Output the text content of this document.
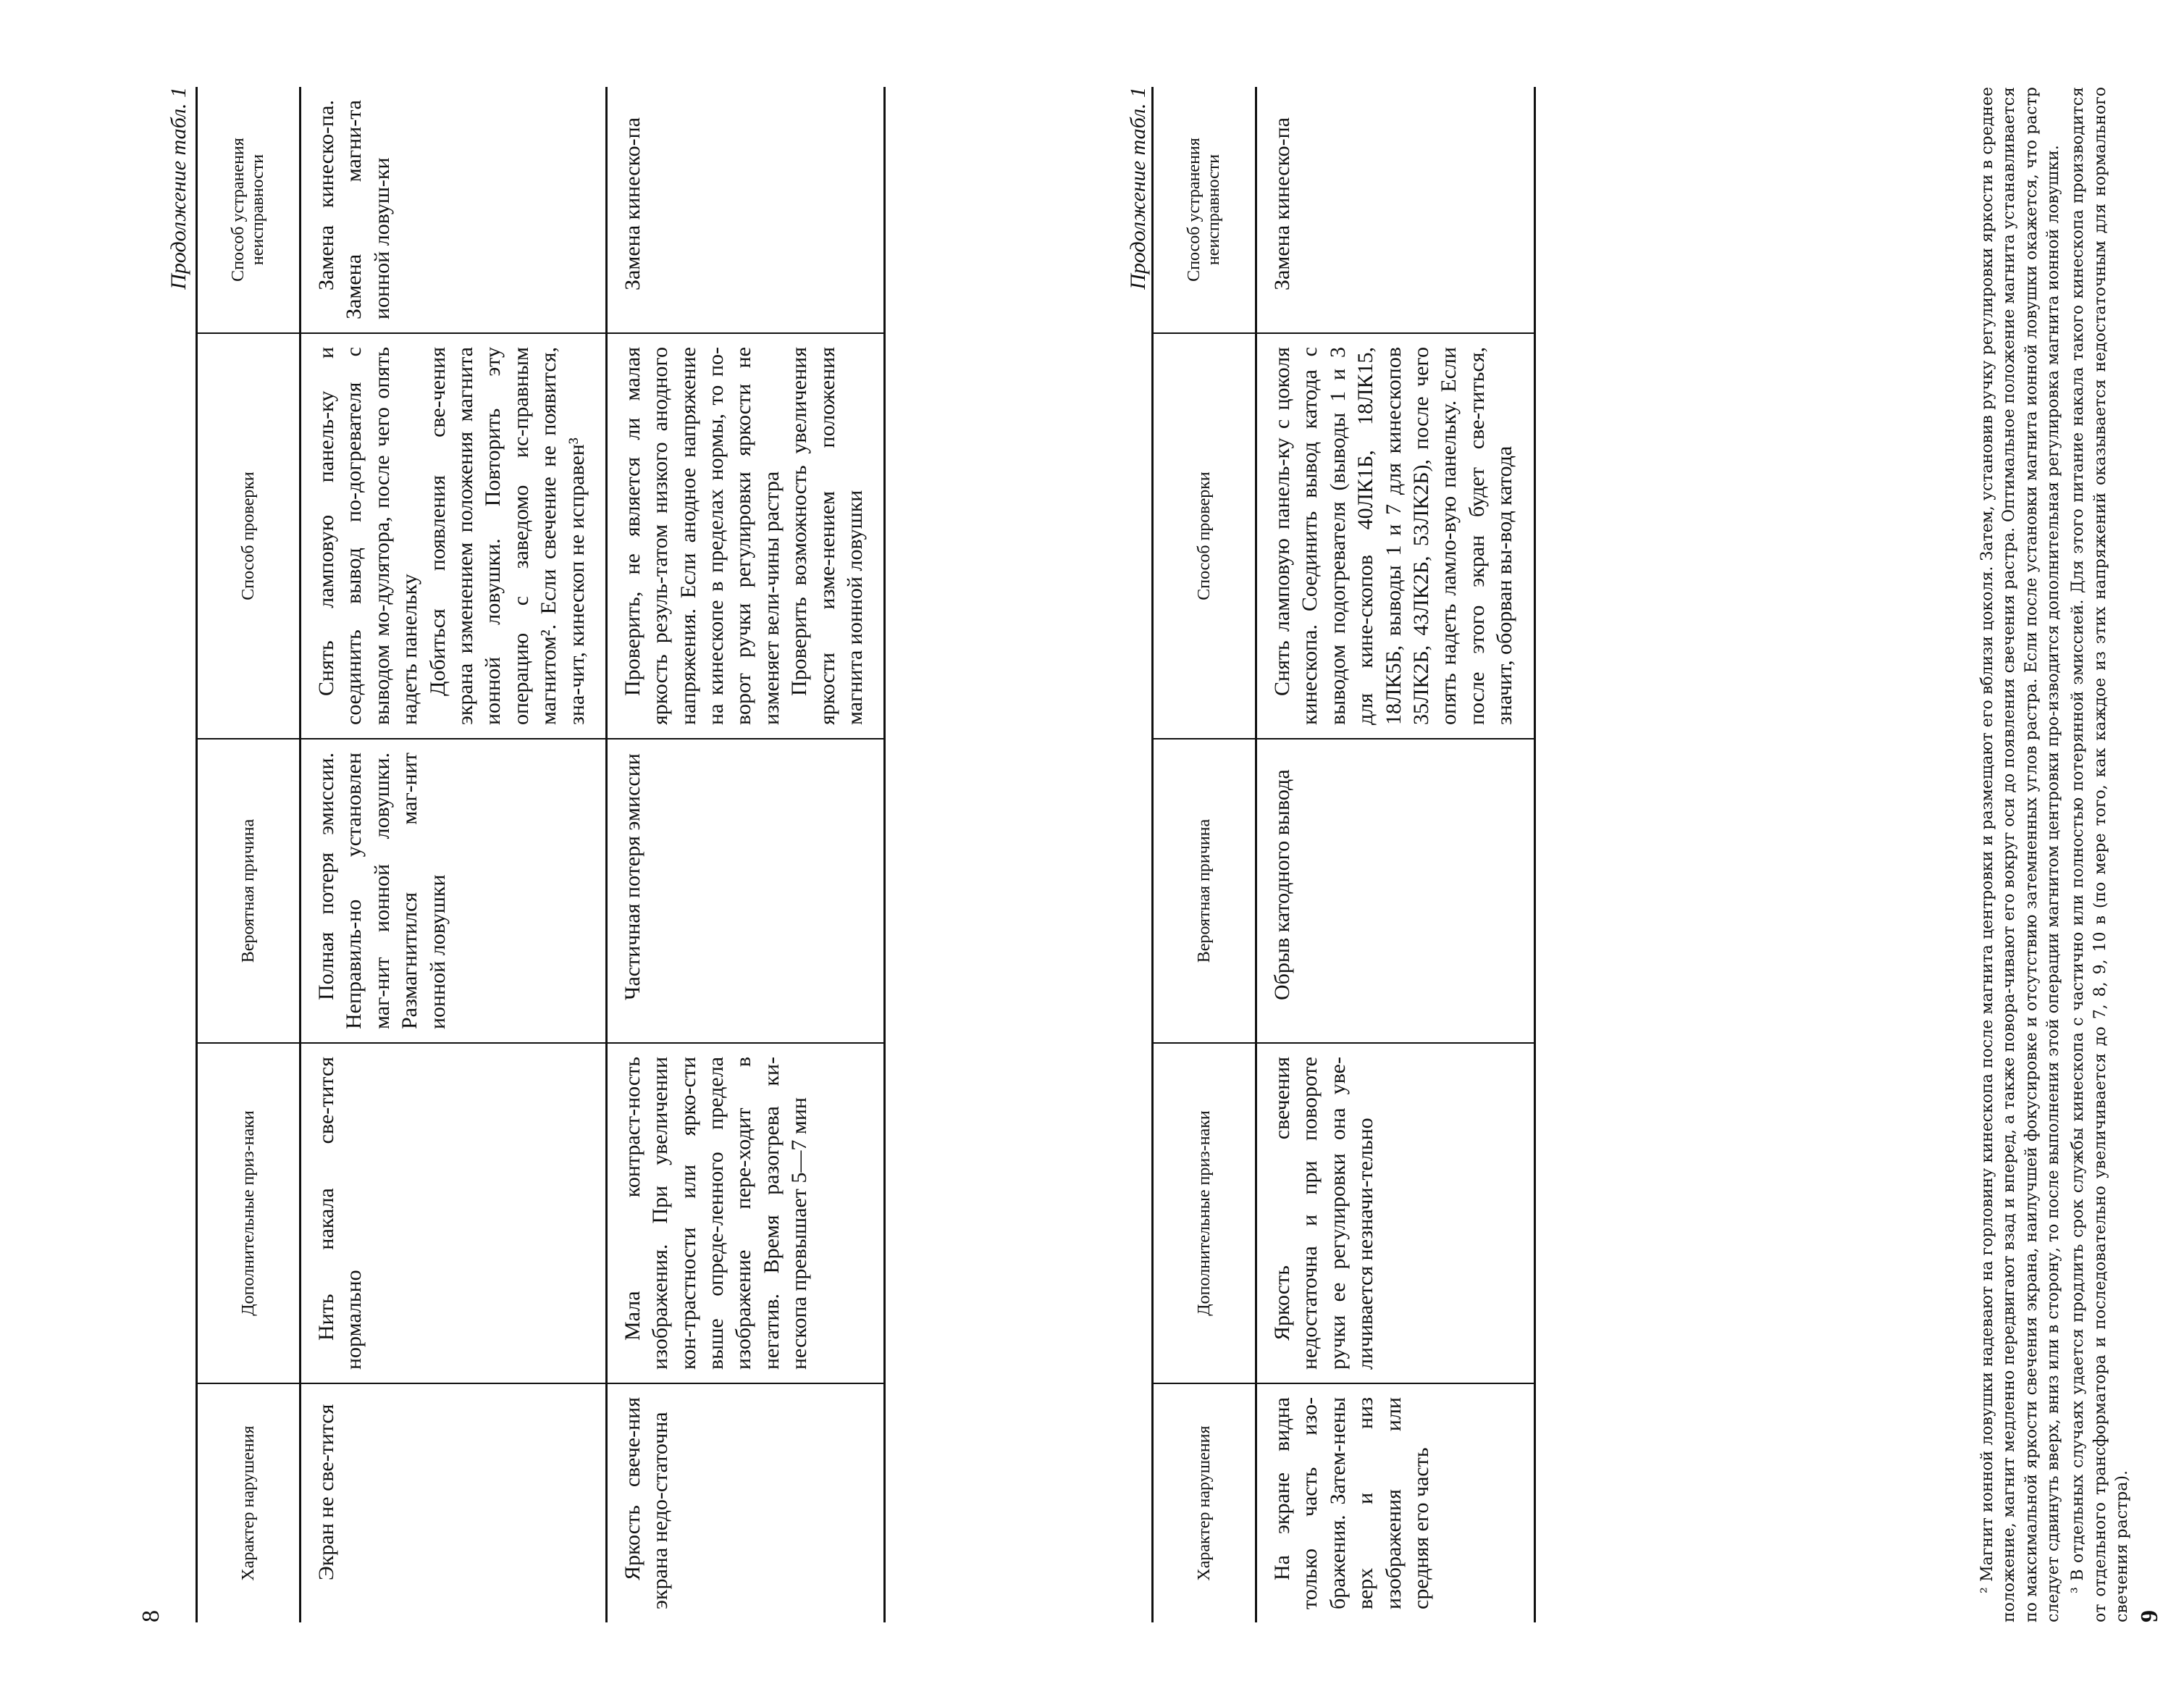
8
Продолжение табл. 1
Характер нарушения	Дополнительные приз-наки	Вероятная причина	Способ проверки	Способ устранения неисправности

Экран не све-тится	Нить накала све-тится нормально	Полная потеря эмиссии. Неправиль-но установлен маг-нит ионной ловушки. Размагнитился маг-нит ионной ловушки	Снять ламповую панель-ку и соединить вывод по-догревателя с выводом мо-дулятора, после чего опять надеть панельку Добиться появления све-чения экрана изменением положения магнита ионной ловушки. Повторить эту операцию с заведомо ис-правным магнитом². Если свечение не появится, зна-чит, кинескоп не исправен³	Замена кинеско-па. Замена магни-та ионной ловуш-ки

Яркость свече-ния экрана недо-статочна	Мала контраст-ность изображения. При увеличении кон-трастности или ярко-сти выше опреде-ленного предела изображение пере-ходит в негатив. Время разогрева ки-нескопа превышает 5—7 мин	Частичная потеря эмиссии	Проверить, не является ли малая яркость резуль-татом низкого анодного напряжения. Если анодное напряжение на кинескопе в пределах нормы, то по-ворот ручки регулировки яркости не изменяет вели-чины растра Проверить возможность увеличения яркости изме-нением положения магнита ионной ловушки	Замена кинеско-па
9
Продолжение табл. 1
Характер нарушения	Дополнительные приз-наки	Вероятная причина	Способ проверки	Способ устранения неисправности

На экране видна только часть изо-бражения. Затем-нены верх и низ изображения или средняя его часть	Яркость свечения недостаточна и при повороте ручки ее регулировки она уве-личивается незначи-тельно	Обрыв катодного вывода	Снять ламповую панель-ку с цоколя кинескопа. Соединить вывод катода с выводом подогревателя (выводы 1 и 3 для кине-скопов 40ЛК1Б, 18ЛК15, 18ЛК5Б, выводы 1 и 7 для кинескопов 35ЛК2Б, 43ЛК2Б, 53ЛК2Б), после чего опять надеть ламло-вую панельку. Если после этого экран будет све-титься, значит, оборван вы-вод катода	Замена кинеско-па	² Магнит ионной ловушки надевают на горловину кинескопа после магнита центровки и размещают его вблизи цоколя. Затем, установив ручку регулировки яркости в среднее положение, магнит медленно передвигают взад и вперед, а также повора-чивают его вокруг оси до появления свечения растра. Оптимальное положение магнита устанавливается по максимальной яркости свечения экрана, наилучшей фокусировке и отсутствию затемненных углов растра. Если после установки магнита ионной ловушки окажется, что растр следует сдвинуть вверх, вниз или в сторону, то после выполнения этой операции магнитом центровки про-изводится дополнительная регулировка магнита ионной ловушки. ³ В отдельных случаях удается продлить срок службы кинескопа с частично или полностью потерянной эмиссией. Для этого питание накала такого кинескопа производится от отдельного трансформатора и последовательно увеличивается до 7, 8, 9, 10 в (по мере того, как каждое из этих напряжений оказывается недостаточным для нормального свечения растра).
